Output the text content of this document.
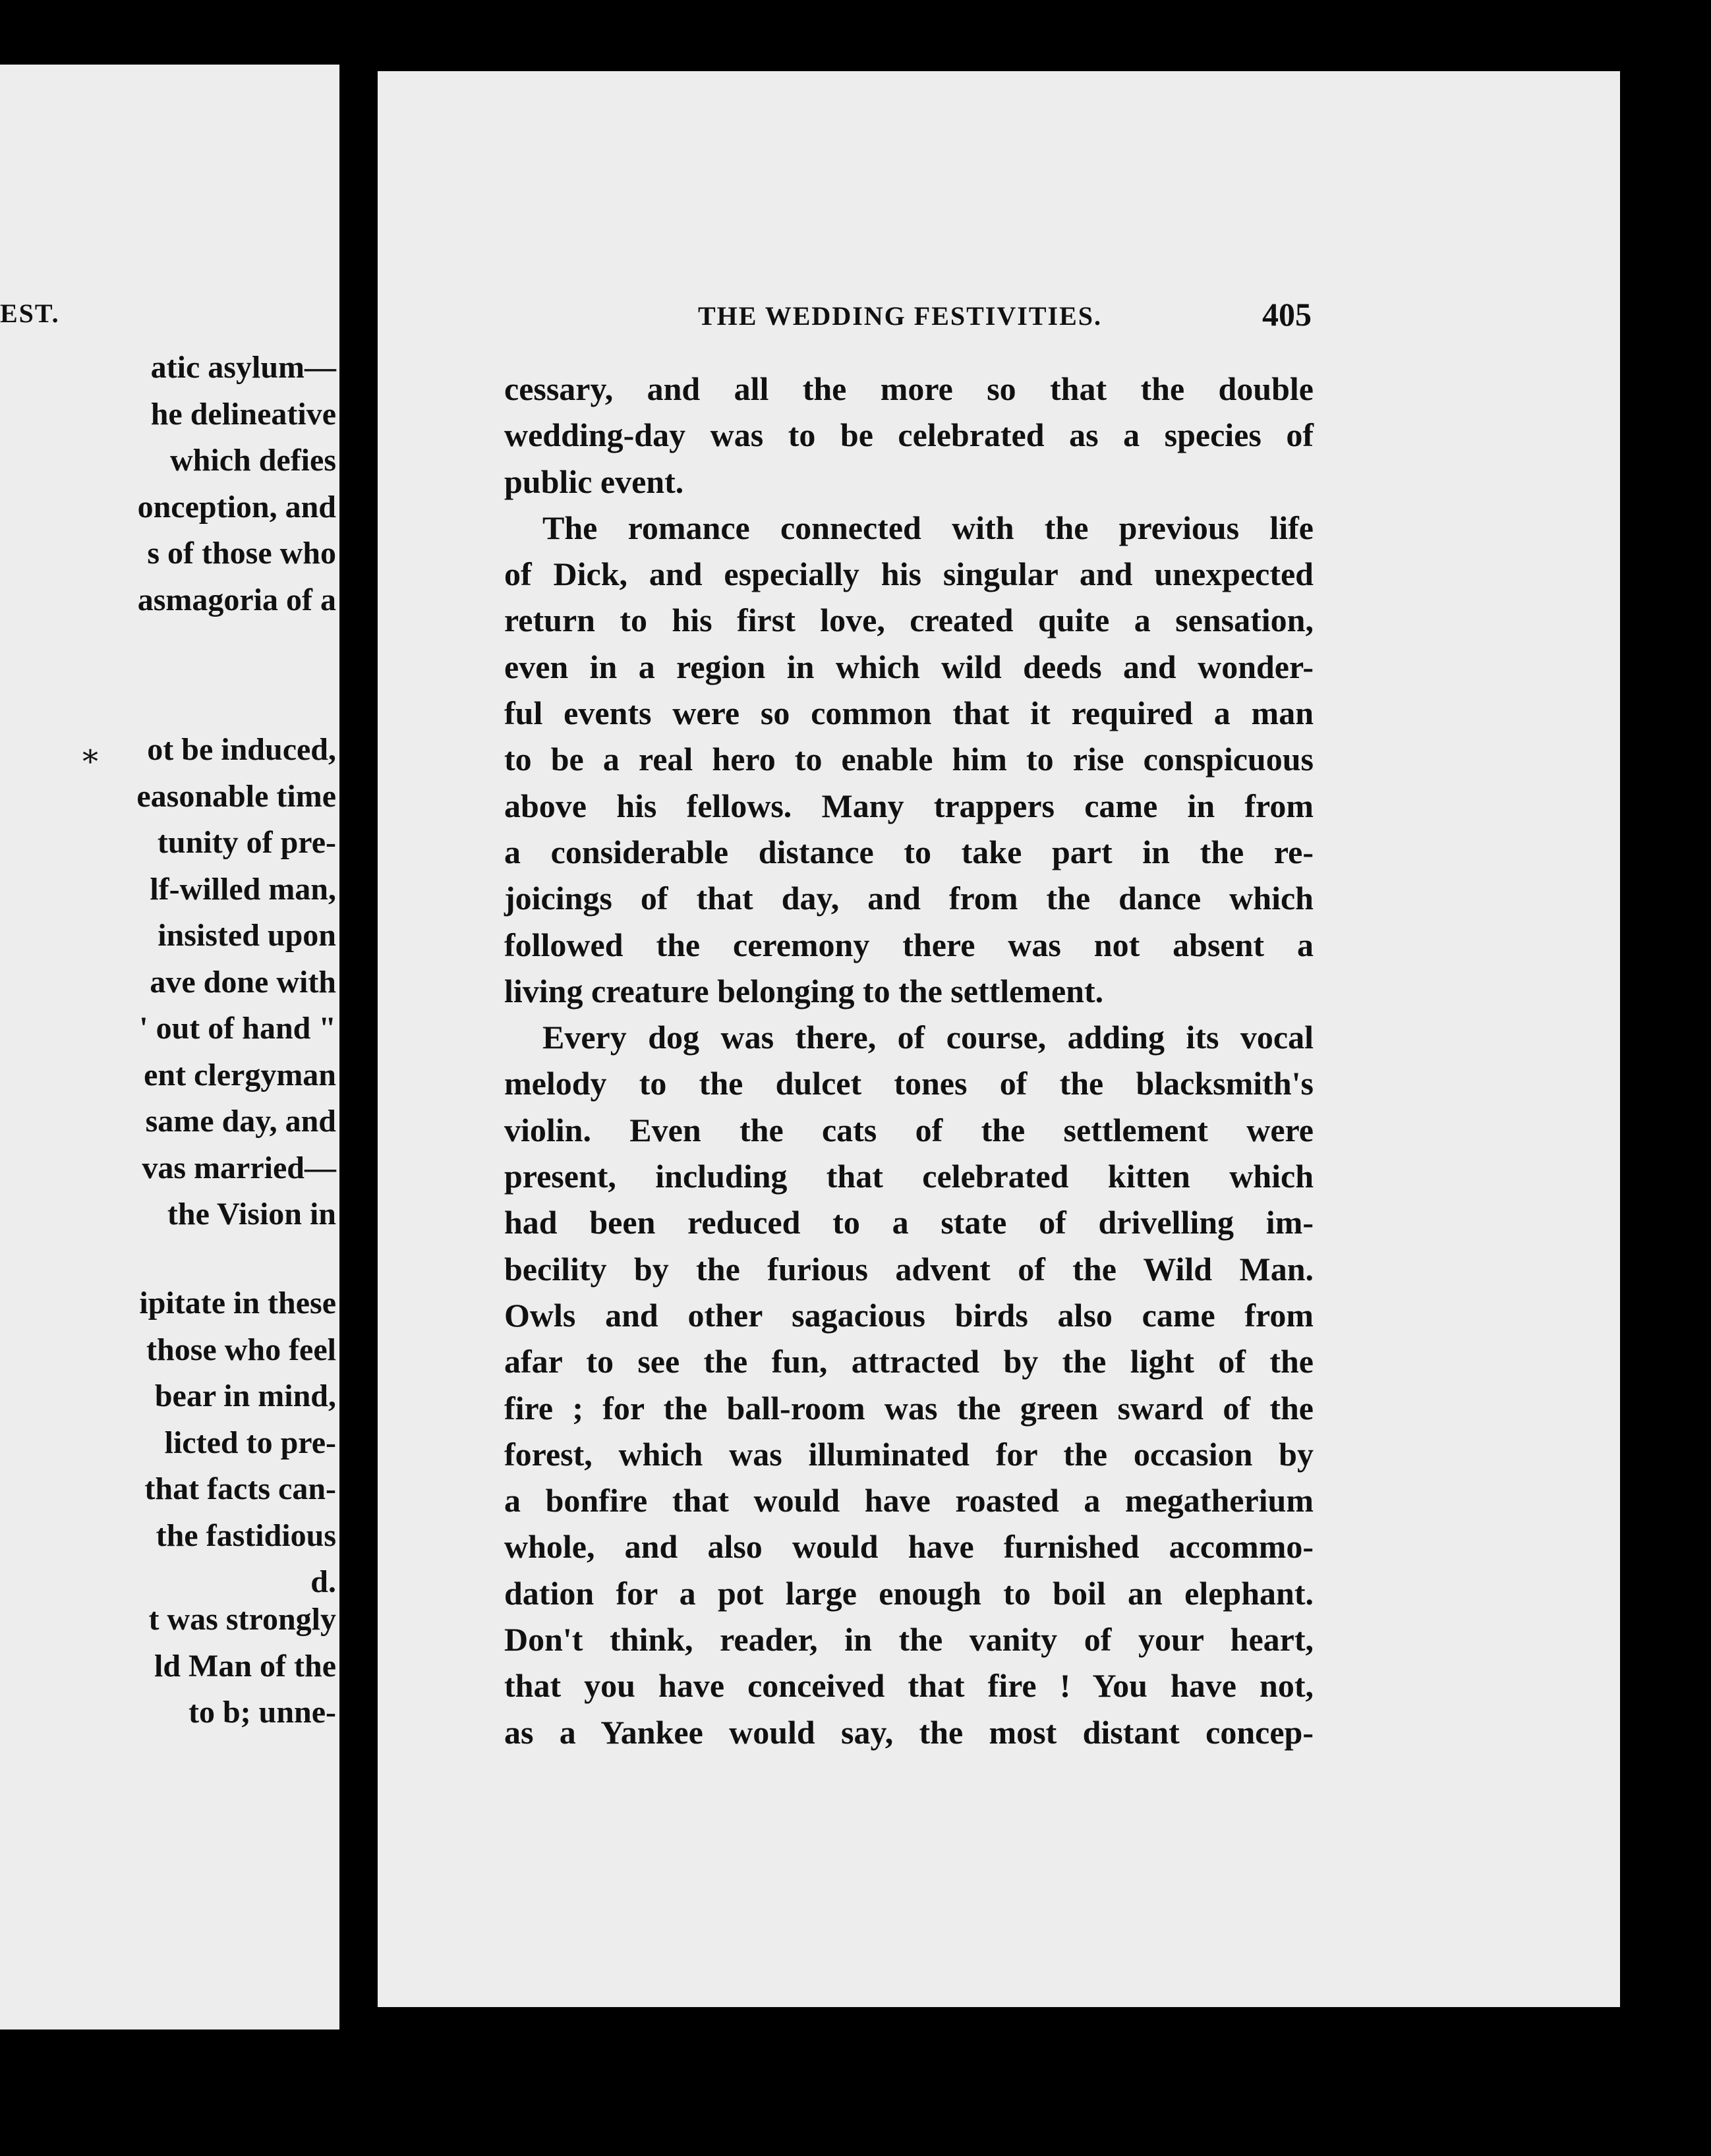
EST.
atic asylum—
he delineative
which defies
onception, and
s of those who
asmagoria of a
ot be induced,
easonable time
tunity of pre-
lf-willed man,
insisted upon
ave done with
' out of hand "
ent clergyman
same day, and
vas married—
the Vision in
ipitate in these
those who feel
bear in mind,
licted to pre-
that facts can-
the fastidious
d.
t was strongly
ld Man of the
to b; unne-
*
THE WEDDING FESTIVITIES.	405
cessary, and all the more so that the double
wedding-day was to be celebrated as a species of
public event.
The romance connected with the previous life
of Dick, and especially his singular and unexpected
return to his first love, created quite a sensation,
even in a region in which wild deeds and wonder-
ful events were so common that it required a man
to be a real hero to enable him to rise conspicuous
above his fellows. Many trappers came in from
a considerable distance to take part in the re-
joicings of that day, and from the dance which
followed the ceremony there was not absent a
living creature belonging to the settlement.
Every dog was there, of course, adding its vocal
melody to the dulcet tones of the blacksmith's
violin. Even the cats of the settlement were
present, including that celebrated kitten which
had been reduced to a state of drivelling im-
becility by the furious advent of the Wild Man.
Owls and other sagacious birds also came from
afar to see the fun, attracted by the light of the
fire ; for the ball-room was the green sward of the
forest, which was illuminated for the occasion by
a bonfire that would have roasted a megatherium
whole, and also would have furnished accommo-
dation for a pot large enough to boil an elephant.
Don't think, reader, in the vanity of your heart,
that you have conceived that fire ! You have not,
as a Yankee would say, the most distant concep-
